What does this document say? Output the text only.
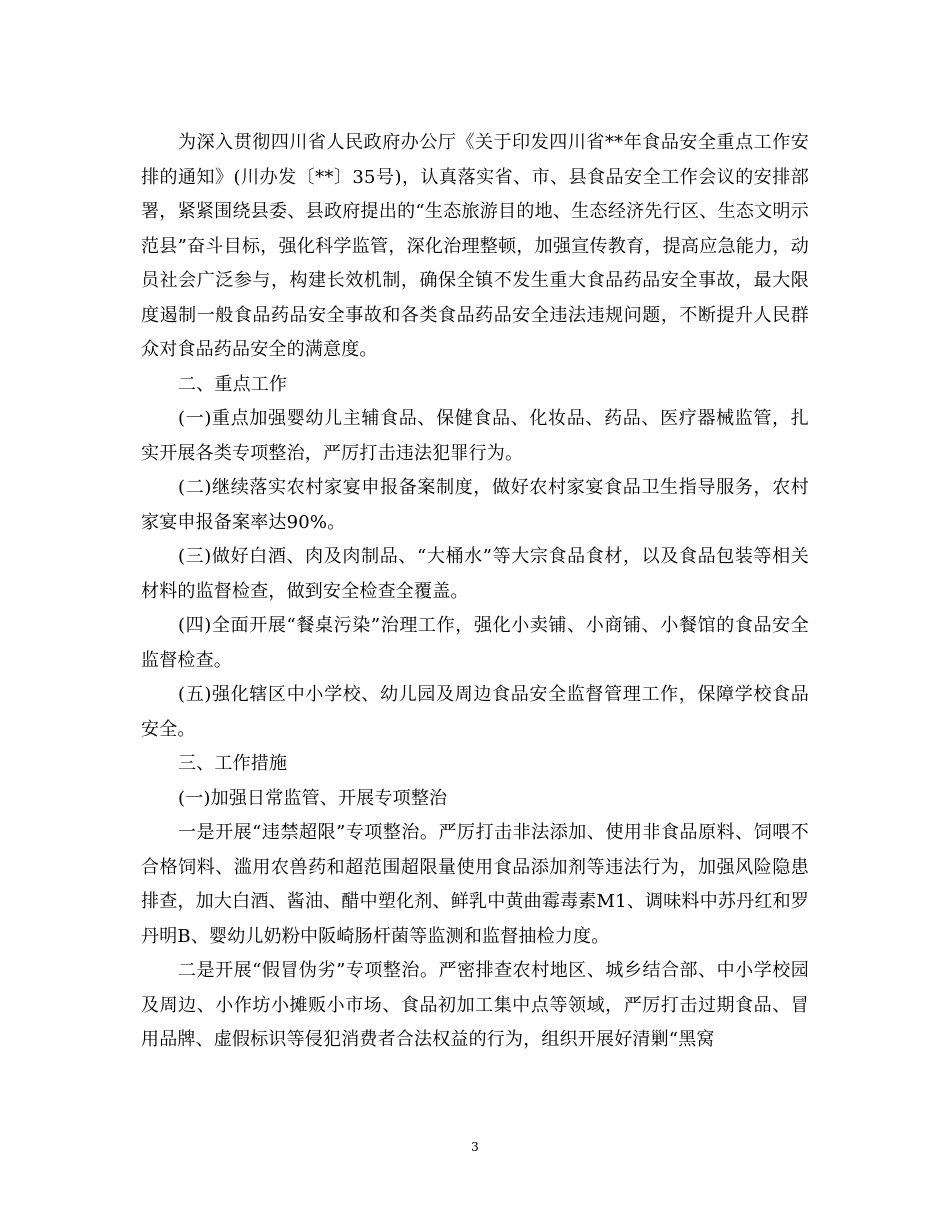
为深入贯彻四川省人民政府办公厅《关于印发四川省**年食品安全重点工作安排的通知》(川办发〔**〕35号)，认真落实省、市、县食品安全工作会议的安排部署，紧紧围绕县委、县政府提出的“生态旅游目的地、生态经济先行区、生态文明示范县”奋斗目标，强化科学监管，深化治理整顿，加强宣传教育，提高应急能力，动员社会广泛参与，构建长效机制，确保全镇不发生重大食品药品安全事故，最大限度遏制一般食品药品安全事故和各类食品药品安全违法违规问题，不断提升人民群众对食品药品安全的满意度。

二、重点工作

(一)重点加强婴幼儿主辅食品、保健食品、化妆品、药品、医疗器械监管，扎实开展各类专项整治，严厉打击违法犯罪行为。

(二)继续落实农村家宴申报备案制度，做好农村家宴食品卫生指导服务，农村家宴申报备案率达90%。

(三)做好白酒、肉及肉制品、“大桶水”等大宗食品食材，以及食品包装等相关材料的监督检查，做到安全检查全覆盖。

(四)全面开展“餐桌污染”治理工作，强化小卖铺、小商铺、小餐馆的食品安全监督检查。

(五)强化辖区中小学校、幼儿园及周边食品安全监督管理工作，保障学校食品安全。

三、工作措施

(一)加强日常监管、开展专项整治

一是开展“违禁超限”专项整治。严厉打击非法添加、使用非食品原料、饲喂不合格饲料、滥用农兽药和超范围超限量使用食品添加剂等违法行为，加强风险隐患排查，加大白酒、酱油、醋中塑化剂、鲜乳中黄曲霉毒素M1、调味料中苏丹红和罗丹明B、婴幼儿奶粉中阪崎肠杆菌等监测和监督抽检力度。

二是开展“假冒伪劣”专项整治。严密排查农村地区、城乡结合部、中小学校园及周边、小作坊小摊贩小市场、食品初加工集中点等领域，严厉打击过期食品、冒用品牌、虚假标识等侵犯消费者合法权益的行为，组织开展好清剿“黑窝

3
